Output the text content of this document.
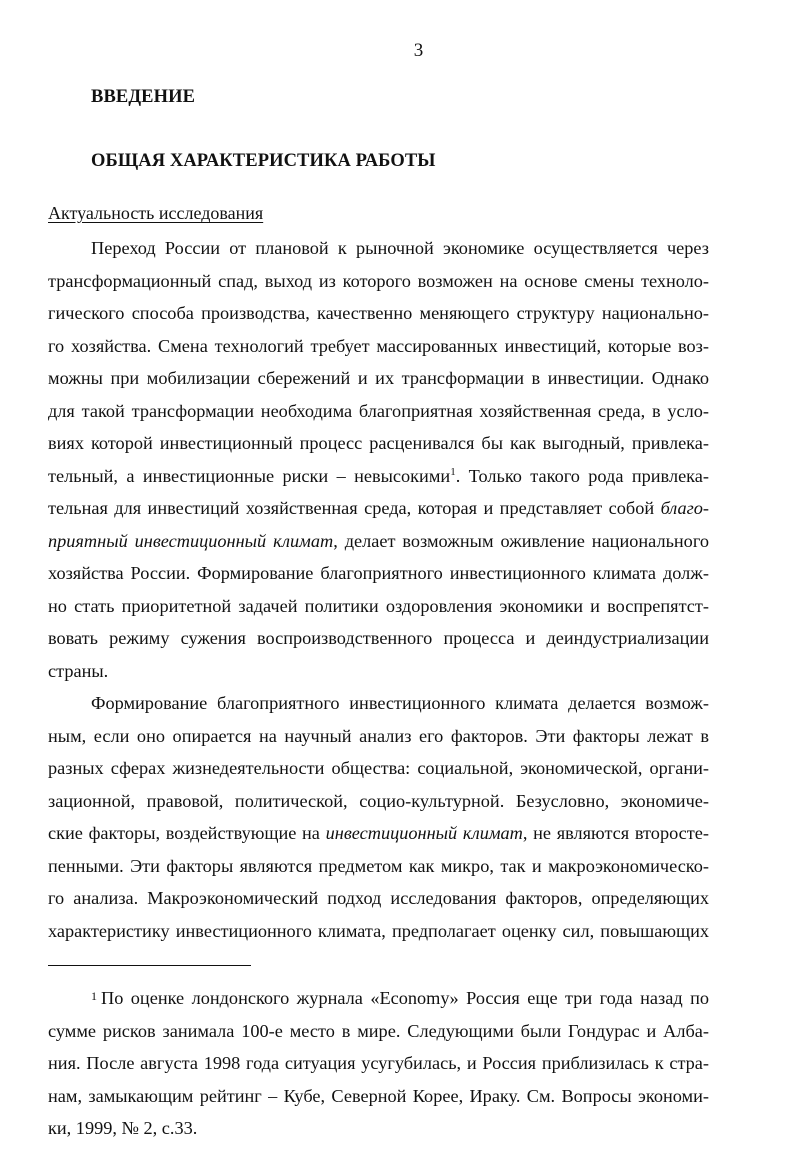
3
ВВЕДЕНИЕ
ОБЩАЯ ХАРАКТЕРИСТИКА РАБОТЫ
Актуальность исследования
Переход России от плановой к рыночной экономике осуществляется через
трансформационный спад, выход из которого возможен на основе смены техноло-
гического способа производства, качественно меняющего структуру национально-
го хозяйства. Смена технологий требует массированных инвестиций, которые воз-
можны при мобилизации сбережений и их трансформации в инвестиции. Однако
для такой трансформации необходима благоприятная хозяйственная среда, в усло-
виях которой инвестиционный процесс расценивался бы как выгодный, привлека-
тельный, а инвестиционные риски – невысокими$^1$. Только такого рода привлека-
тельная для инвестиций хозяйственная среда, которая и представляет собой благо-
приятный инвестиционный климат, делает возможным оживление национального
хозяйства России. Формирование благоприятного инвестиционного климата долж-
но стать приоритетной задачей политики оздоровления экономики и воспрепятст-
вовать режиму сужения воспроизводственного процесса и деиндустриализации
страны.
Формирование благоприятного инвестиционного климата делается возмож-
ным, если оно опирается на научный анализ его факторов. Эти факторы лежат в
разных сферах жизнедеятельности общества: социальной, экономической, органи-
зационной, правовой, политической, социо-культурной. Безусловно, экономиче-
ские факторы, воздействующие на инвестиционный климат, не являются второсте-
пенными. Эти факторы являются предметом как микро, так и макроэкономическо-
го анализа. Макроэкономический подход исследования факторов, определяющих
характеристику инвестиционного климата, предполагает оценку сил, повышающих
$^1$ По оценке лондонского журнала «Economy» Россия еще три года назад по
сумме рисков занимала 100-е место в мире. Следующими были Гондурас и Алба-
ния. После августа 1998 года ситуация усугубилась, и Россия приблизилась к стра-
нам, замыкающим рейтинг – Кубе, Северной Корее, Ираку. См. Вопросы экономи-
ки, 1999, № 2, с.33.
